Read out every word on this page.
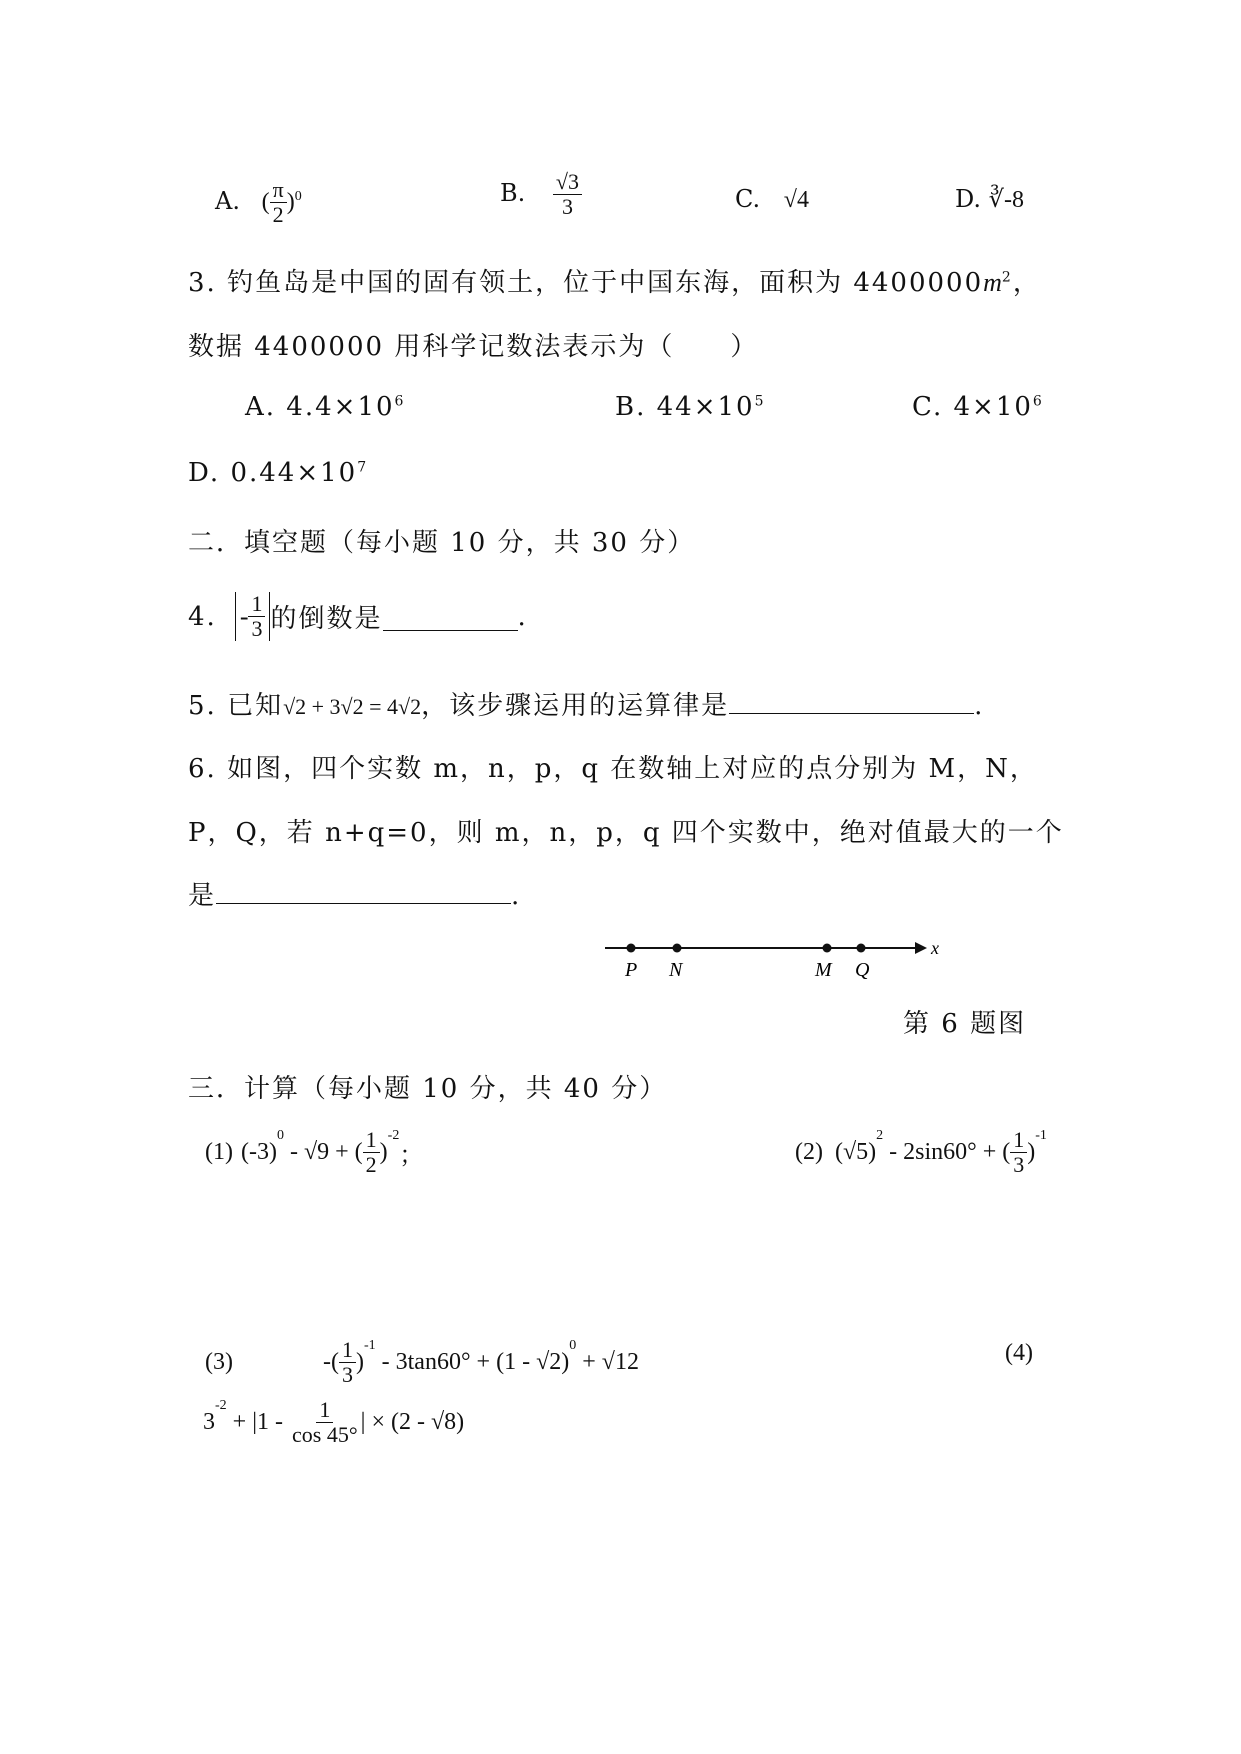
A. ( $\frac{\pi}{2} )^0$	B. $\frac{√3}{3}$	C. √4	D. ∛-8
3. 钓鱼岛是中国的固有领土，位于中国东海，面积为 $4400000m^2$，
数据 4400000 用科学记数法表示为（　　）
A. $4.4\times 10^6$	B. $44\times 10^5$	C. $4\times 10^6$
D. $0.44\times 10^7$
二．填空题（每小题 10 分，共 30 分）
4. - $\frac{1}{3}$ 的倒数是	.
5. 已知√2 + 3√2 = 4√2，该步骤运用的运算律是	.
6. 如图，四个实数 m，n，p，q 在数轴上对应的点分别为 M，N，
P，Q，若 n+q=0，则 m，n，p，q 四个实数中，绝对值最大的一个
是	.
x
P N	M Q
第 6 题图
三．计算（每小题 10 分，共 40 分）
(1) (-3)
$^0$
- √9 + ( $\frac{1}{2}$ )
$^{-2}$
；	(2) (√5)
$^2$
- 2sin60° + ( $\frac{1}{3}$ )
$^{-1}$
(3)	-( $\frac{1}{3}$ )
$^{-1}$
- 3tan60° + (1 - √2)
$^0$
+ √12	(4)
3
$^{-2}$
+ $|1 - \frac{1}{\cos 45^\circ}$ | × (2 - √8)
